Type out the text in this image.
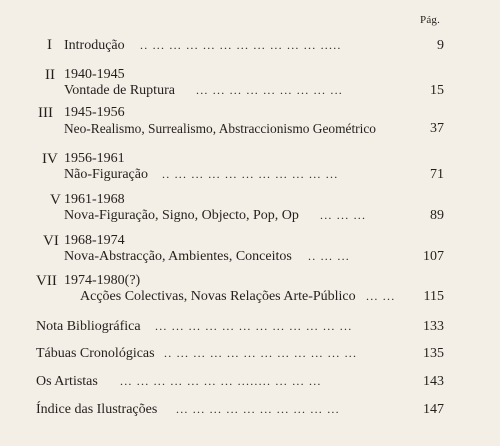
Pág.
I Introdução .. ... ... ... ... ... ... ... ... ... ... .....	9
II 1940-1945
Vontade de Ruptura ... ... ... ... ... ... ... ... ...	15
III 1945-1956
Neo-Realismo, Surrealismo, Abstraccionismo Geométrico	37
IV 1956-1961
Não-Figuração .. ... ... ... ... ... ... ... ... ... ...	71
V 1961-1968
Nova-Figuração, Signo, Objecto, Pop, Op ... ... ...	89
VI 1968-1974
Nova-Abstracção, Ambientes, Conceitos .. ... ...	107
VII 1974-1980(?)
Acções Colectivas, Novas Relações Arte-Público ... ...	115
Nota Bibliográfica ... ... ... ... ... ... ... ... ... ... ... ...	133
Tábuas Cronológicas .. ... ... ... ... ... ... ... ... ... ... ...	135
Os Artistas ... ... ... ... ... ... ... ........ ... ... ...	143
Índice das Ilustrações ... ... ... ... ... ... ... ... ... ...	147
